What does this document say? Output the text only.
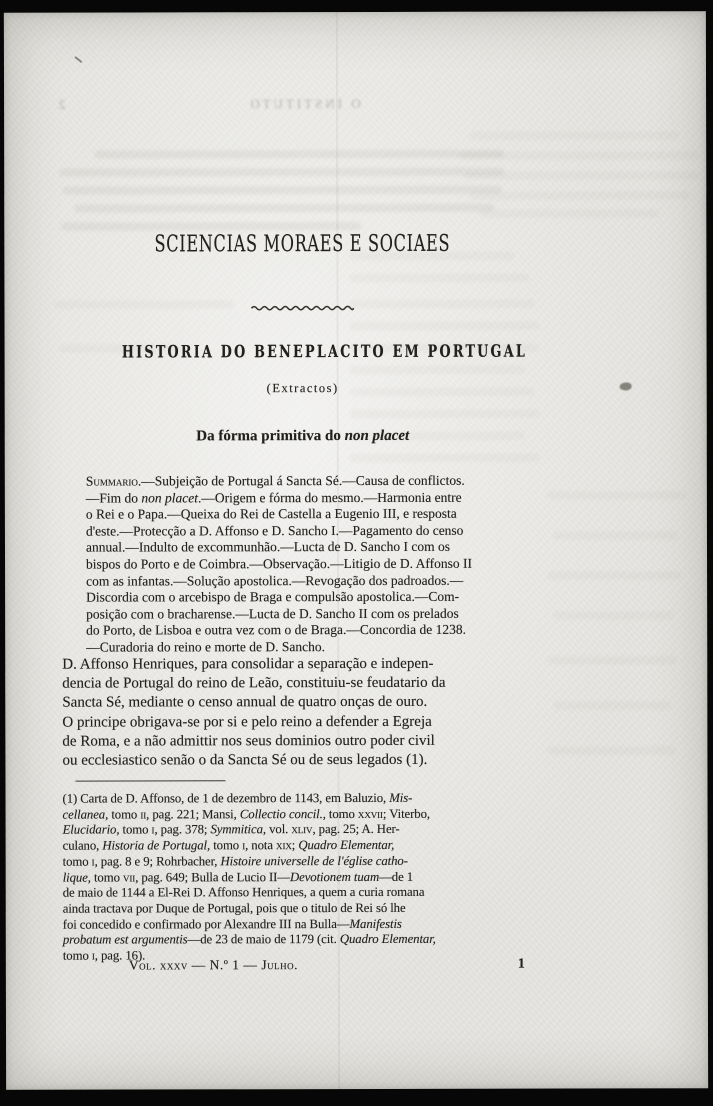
O INSTITUTO
2
SCIENCIAS MORAES E SOCIAES
HISTORIA DO BENEPLACITO EM PORTUGAL
(Extractos)
Da fórma primitiva do non placet
Summario.—Subjeição de Portugal á Sancta Sé.—Causa de conflictos.
—Fim do non placet.—Origem e fórma do mesmo.—Harmonia entre
o Rei e o Papa.—Queixa do Rei de Castella a Eugenio III, e resposta
d'este.—Protecção a D. Affonso e D. Sancho I.—Pagamento do censo
annual.—Indulto de excommunhão.—Lucta de D. Sancho I com os
bispos do Porto e de Coimbra.—Observação.—Litigio de D. Affonso II
com as infantas.—Solução apostolica.—Revogação dos padroados.—
Discordia com o arcebispo de Braga e compulsão apostolica.—Com-
posição com o bracharense.—Lucta de D. Sancho II com os prelados
do Porto, de Lisboa e outra vez com o de Braga.—Concordia de 1238.
—Curadoria do reino e morte de D. Sancho.
D. Affonso Henriques, para consolidar a separação e indepen-
dencia de Portugal do reino de Leão, constituiu-se feudatario da
Sancta Sé, mediante o censo annual de quatro onças de ouro.
O principe obrigava-se por si e pelo reino a defender a Egreja
de Roma, e a não admittir nos seus dominios outro poder civil
ou ecclesiastico senão o da Sancta Sé ou de seus legados (1).
(1) Carta de D. Affonso, de 1 de dezembro de 1143, em Baluzio, Mis-
cellanea, tomo ii, pag. 221; Mansi, Collectio concil., tomo xxvii; Viterbo,
Elucidario, tomo i, pag. 378; Symmitica, vol. xliv, pag. 25; A. Her-
culano, Historia de Portugal, tomo i, nota xix; Quadro Elementar,
tomo i, pag. 8 e 9; Rohrbacher, Histoire universelle de l'église catho-
lique, tomo vii, pag. 649; Bulla de Lucio II—Devotionem tuam—de 1
de maio de 1144 a El-Rei D. Affonso Henriques, a quem a curia romana
ainda tractava por Duque de Portugal, pois que o titulo de Rei só lhe
foi concedido e confirmado por Alexandre III na Bulla—Manifestis
probatum est argumentis—de 23 de maio de 1179 (cit. Quadro Elementar,
tomo i, pag. 16).
Vol. xxxv — N.º 1 — Julho.	1
